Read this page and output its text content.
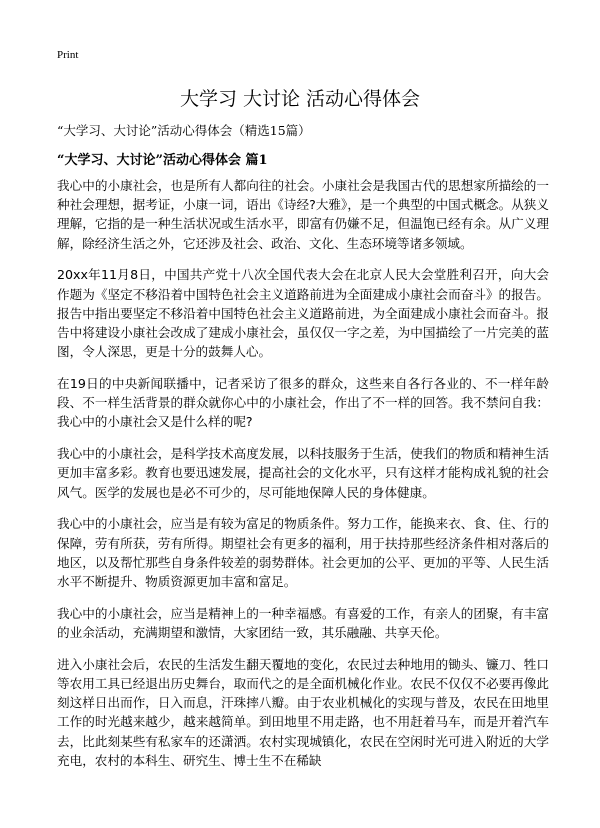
Print
大学习 大讨论 活动心得体会
“大学习、大讨论”活动心得体会（精选15篇）
“大学习、大讨论”活动心得体会 篇1

我心中的小康社会，也是所有人都向往的社会。小康社会是我国古代的思想家所描绘的一种社会理想，据考证，小康一词，语出《诗经?大雅》，是一个典型的中国式概念。从狭义理解，它指的是一种生活状况或生活水平，即富有仍嫌不足，但温饱已经有余。从广义理解，除经济生活之外，它还涉及社会、政治、文化、生态环境等诸多领域。

20xx年11月8日，中国共产党十八次全国代表大会在北京人民大会堂胜利召开，向大会作题为《坚定不移沿着中国特色社会主义道路前进为全面建成小康社会而奋斗》的报告。报告中指出要坚定不移沿着中国特色社会主义道路前进，为全面建成小康社会而奋斗。报告中将建设小康社会改成了建成小康社会，虽仅仅一字之差，为中国描绘了一片完美的蓝图，令人深思，更是十分的鼓舞人心。

在19日的中央新闻联播中，记者采访了很多的群众，这些来自各行各业的、不一样年龄段、不一样生活背景的群众就你心中的小康社会，作出了不一样的回答。我不禁问自我：我心中的小康社会又是什么样的呢?

我心中的小康社会，是科学技术高度发展，以科技服务于生活，使我们的物质和精神生活更加丰富多彩。教育也要迅速发展，提高社会的文化水平，只有这样才能构成礼貌的社会风气。医学的发展也是必不可少的，尽可能地保障人民的身体健康。

我心中的小康社会，应当是有较为富足的物质条件。努力工作，能换来衣、食、住、行的保障，劳有所获，劳有所得。期望社会有更多的福利，用于扶持那些经济条件相对落后的地区，以及帮忙那些自身条件较差的弱势群体。社会更加的公平、更加的平等、人民生活水平不断提升、物质资源更加丰富和富足。

我心中的小康社会，应当是精神上的一种幸福感。有喜爱的工作，有亲人的团聚，有丰富的业余活动，充满期望和激情，大家团结一致，其乐融融、共享天伦。

进入小康社会后，农民的生活发生翻天覆地的变化，农民过去种地用的锄头、镰刀、牲口等农用工具已经退出历史舞台，取而代之的是全面机械化作业。农民不仅仅不必要再像此刻这样日出而作，日入而息，汗珠摔八瓣。由于农业机械化的实现与普及，农民在田地里工作的时光越来越少，越来越简单。到田地里不用走路，也不用赶着马车，而是开着汽车去，比此刻某些有私家车的还潇洒。农村实现城镇化，农民在空闲时光可进入附近的大学充电，农村的本科生、研究生、博士生不在稀缺
